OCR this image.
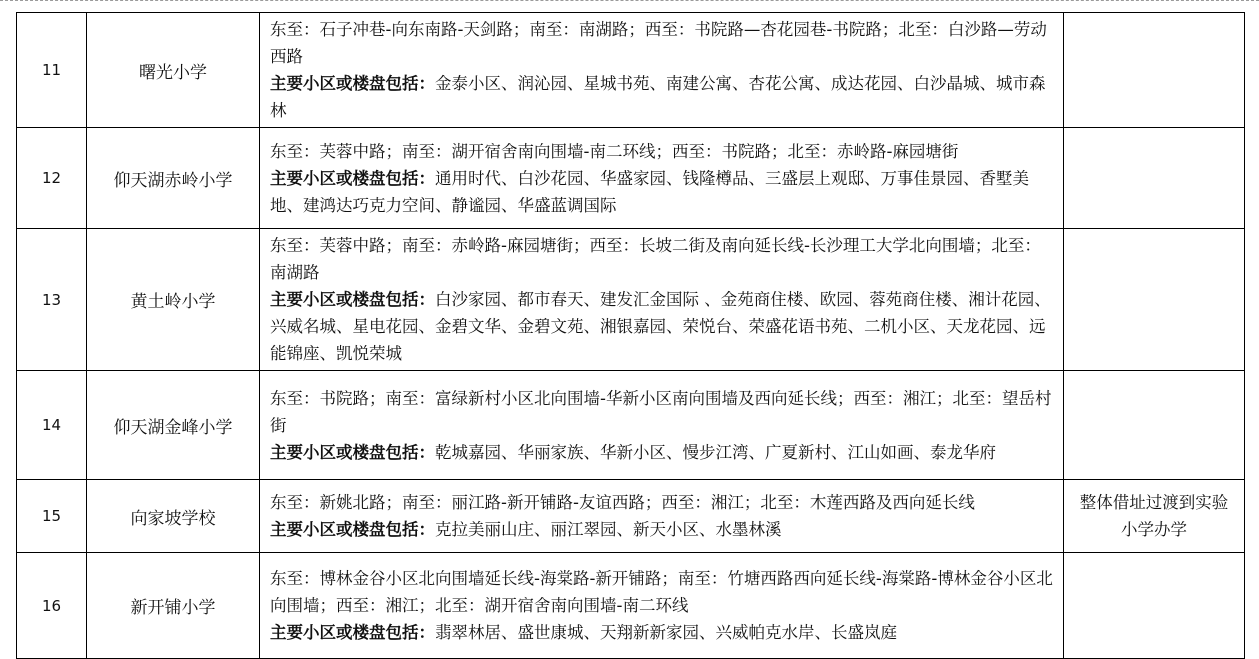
11	曙光小学	东至：石子冲巷-向东南路-天剑路；南至：南湖路；西至：书院路—杏花园巷-书院路；北至：白沙路—劳动西路
主要小区或楼盘包括：金泰小区、润沁园、星城书苑、南建公寓、杏花公寓、成达花园、白沙晶城、城市森林	

12	仰天湖赤岭小学	东至：芙蓉中路；南至：湖开宿舍南向围墙-南二环线；西至：书院路；北至：赤岭路-麻园塘街
主要小区或楼盘包括：通用时代、白沙花园、华盛家园、钱隆樽品、三盛层上观邸、万事佳景园、香墅美地、建鸿达巧克力空间、静谧园、华盛蓝调国际	

13	黄土岭小学	东至：芙蓉中路；南至：赤岭路-麻园塘街；西至：长坡二街及南向延长线-长沙理工大学北向围墙；北至：南湖路
主要小区或楼盘包括：白沙家园、都市春天、建发汇金国际 、金苑商住楼、欧园、蓉苑商住楼、湘计花园、兴威名城、星电花园、金碧文华、金碧文苑、湘银嘉园、荣悦台、荣盛花语书苑、二机小区、天龙花园、远能锦座、凯悦荣城	

14	仰天湖金峰小学	东至：书院路；南至：富绿新村小区北向围墙-华新小区南向围墙及西向延长线；西至：湘江；北至：望岳村街
主要小区或楼盘包括：乾城嘉园、华丽家族、华新小区、慢步江湾、广夏新村、江山如画、泰龙华府	

15	向家坡学校	东至：新姚北路；南至：丽江路-新开铺路-友谊西路；西至：湘江；北至：木莲西路及西向延长线
主要小区或楼盘包括：克拉美丽山庄、丽江翠园、新天小区、水墨林溪	整体借址过渡到实验小学办学
16	新开铺小学	东至：博林金谷小区北向围墙延长线-海棠路-新开铺路；南至：竹塘西路西向延长线-海棠路-博林金谷小区北向围墙；西至：湘江；北至：湖开宿舍南向围墙-南二环线
主要小区或楼盘包括：翡翠林居、盛世康城、天翔新新家园、兴威帕克水岸、长盛岚庭	
